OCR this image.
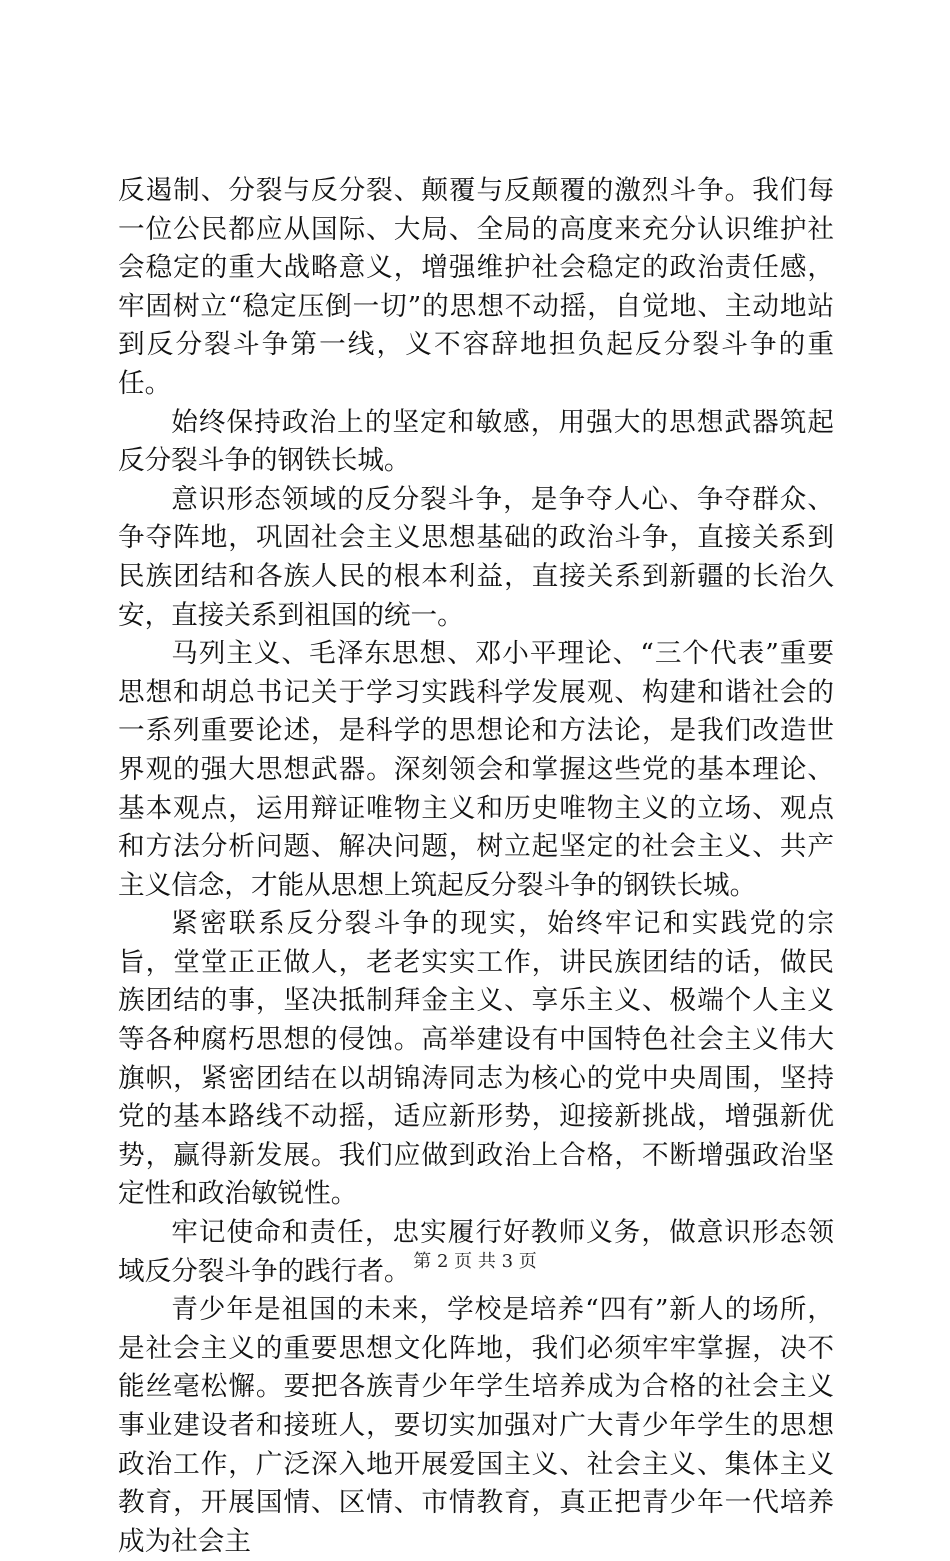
反遏制、分裂与反分裂、颠覆与反颠覆的激烈斗争。我们每一位公民都应从国际、大局、全局的高度来充分认识维护社会稳定的重大战略意义，增强维护社会稳定的政治责任感，牢固树立“稳定压倒一切”的思想不动摇，自觉地、主动地站到反分裂斗争第一线，义不容辞地担负起反分裂斗争的重任。

始终保持政治上的坚定和敏感，用强大的思想武器筑起反分裂斗争的钢铁长城。

意识形态领域的反分裂斗争，是争夺人心、争夺群众、争夺阵地，巩固社会主义思想基础的政治斗争，直接关系到民族团结和各族人民的根本利益，直接关系到新疆的长治久安，直接关系到祖国的统一。

马列主义、毛泽东思想、邓小平理论、“三个代表”重要思想和胡总书记关于学习实践科学发展观、构建和谐社会的一系列重要论述，是科学的思想论和方法论，是我们改造世界观的强大思想武器。深刻领会和掌握这些党的基本理论、基本观点，运用辩证唯物主义和历史唯物主义的立场、观点和方法分析问题、解决问题，树立起坚定的社会主义、共产主义信念，才能从思想上筑起反分裂斗争的钢铁长城。

紧密联系反分裂斗争的现实，始终牢记和实践党的宗旨，堂堂正正做人，老老实实工作，讲民族团结的话，做民族团结的事，坚决抵制拜金主义、享乐主义、极端个人主义等各种腐朽思想的侵蚀。高举建设有中国特色社会主义伟大旗帜，紧密团结在以胡锦涛同志为核心的党中央周围，坚持党的基本路线不动摇，适应新形势，迎接新挑战，增强新优势，赢得新发展。我们应做到政治上合格，不断增强政治坚定性和政治敏锐性。

牢记使命和责任，忠实履行好教师义务，做意识形态领域反分裂斗争的践行者。

青少年是祖国的未来，学校是培养“四有”新人的场所，是社会主义的重要思想文化阵地，我们必须牢牢掌握，决不能丝毫松懈。要把各族青少年学生培养成为合格的社会主义事业建设者和接班人，要切实加强对广大青少年学生的思想政治工作，广泛深入地开展爱国主义、社会主义、集体主义教育，开展国情、区情、市情教育，真正把青少年一代培养成为社会主

第 2 页 共 3 页
